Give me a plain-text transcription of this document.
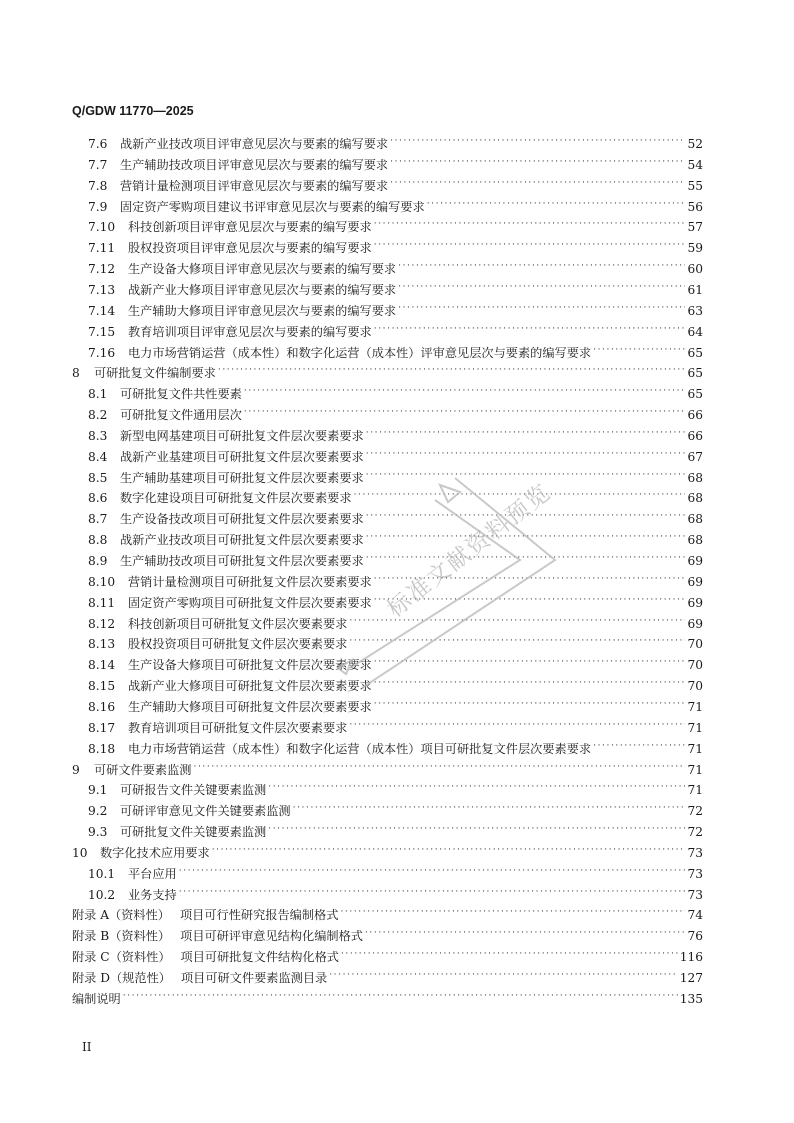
Q/GDW 11770—2025
7.6	战新产业技改项目评审意见层次与要素的编写要求 ·····	52
7.7	生产辅助技改项目评审意见层次与要素的编写要求 ·····	54
7.8	营销计量检测项目评审意见层次与要素的编写要求 ·····	55
7.9	固定资产零购项目建议书评审意见层次与要素的编写要求 ·····	56
7.10	科技创新项目评审意见层次与要素的编写要求 ·····	57
7.11	股权投资项目评审意见层次与要素的编写要求 ·····	59
7.12	生产设备大修项目评审意见层次与要素的编写要求 ·····	60
7.13	战新产业大修项目评审意见层次与要素的编写要求 ·····	61
7.14	生产辅助大修项目评审意见层次与要素的编写要求 ·····	63
7.15	教育培训项目评审意见层次与要素的编写要求 ·····	64
7.16	电力市场营销运营（成本性）和数字化运营（成本性）评审意见层次与要素的编写要求 ·····	65
8	可研批复文件编制要求 ·····	65
8.1	可研批复文件共性要素 ·····	65
8.2	可研批复文件通用层次 ·····	66
8.3	新型电网基建项目可研批复文件层次要素要求 ·····	66
8.4	战新产业基建项目可研批复文件层次要素要求 ·····	67
8.5	生产辅助基建项目可研批复文件层次要素要求 ·····	68
8.6	数字化建设项目可研批复文件层次要素要求 ·····	68
8.7	生产设备技改项目可研批复文件层次要素要求 ·····	68
8.8	战新产业技改项目可研批复文件层次要素要求 ·····	68
8.9	生产辅助技改项目可研批复文件层次要素要求 ·····	69
8.10	营销计量检测项目可研批复文件层次要素要求 ·····	69
8.11	固定资产零购项目可研批复文件层次要素要求 ·····	69
8.12	科技创新项目可研批复文件层次要素要求 ·····	69
8.13	股权投资项目可研批复文件层次要素要求 ·····	70
8.14	生产设备大修项目可研批复文件层次要素要求 ·····	70
8.15	战新产业大修项目可研批复文件层次要素要求 ·····	70
8.16	生产辅助大修项目可研批复文件层次要素要求 ·····	71
8.17	教育培训项目可研批复文件层次要素要求 ·····	71
8.18	电力市场营销运营（成本性）和数字化运营（成本性）项目可研批复文件层次要素要求 ·····	71
9	可研文件要素监测 ·····	71
9.1	可研报告文件关键要素监测 ·····	71
9.2	可研评审意见文件关键要素监测 ·····	72
9.3	可研批复文件关键要素监测 ·····	72
10	数字化技术应用要求 ·····	73
10.1	平台应用 ·····	73
10.2	业务支持 ·····	73
附录 A（资料性） 项目可行性研究报告编制格式 ·····	74
附录 B（资料性） 项目可研评审意见结构化编制格式 ·····	76
附录 C（资料性） 项目可研批复文件结构化格式 ·····	116
附录 D（规范性） 项目可研文件要素监测目录 ·····	127
编制说明 ·····	135
II
标准文献资料预览
